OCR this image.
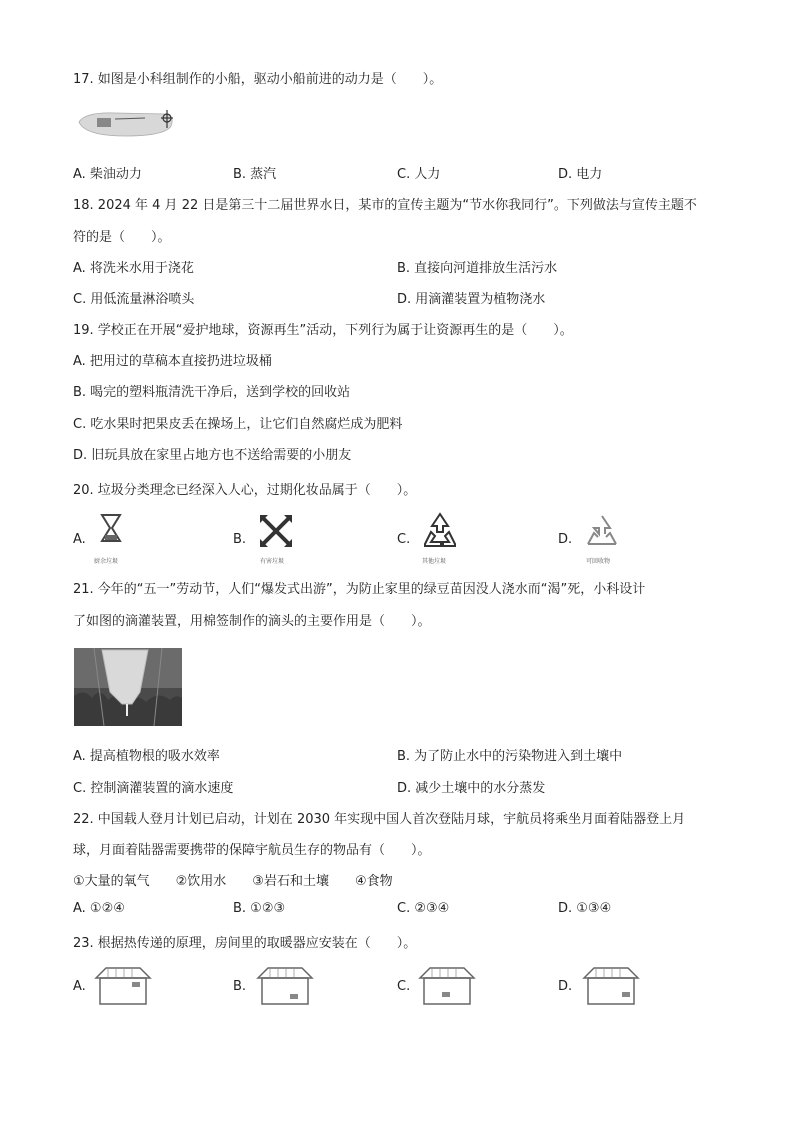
17. 如图是小科组制作的小船，驱动小船前进的动力是（　　）。
A. 柴油动力	B. 蒸汽	C. 人力	D. 电力
18. 2024 年 4 月 22 日是第三十二届世界水日，某市的宣传主题为“节水你我同行”。下列做法与宣传主题不
符的是（　　）。
A. 将洗米水用于浇花	B. 直接向河道排放生活污水
C. 用低流量淋浴喷头	D. 用滴灌装置为植物浇水
19. 学校正在开展“爱护地球，资源再生”活动，下列行为属于让资源再生的是（　　）。
A. 把用过的草稿本直接扔进垃圾桶
B. 喝完的塑料瓶清洗干净后，送到学校的回收站
C. 吃水果时把果皮丢在操场上，让它们自然腐烂成为肥料
D. 旧玩具放在家里占地方也不送给需要的小朋友
20. 垃圾分类理念已经深入人心，过期化妆品属于（　　）。
A.
厨余垃圾
B.
有害垃圾
C.
其他垃圾
D.
可回收物
21. 今年的“五一”劳动节，人们“爆发式出游”，为防止家里的绿豆苗因没人浇水而“渴”死，小科设计
了如图的滴灌装置，用棉签制作的滴头的主要作用是（　　）。
A. 提高植物根的吸水效率	B. 为了防止水中的污染物进入到土壤中
C. 控制滴灌装置的滴水速度	D. 减少土壤中的水分蒸发
22. 中国载人登月计划已启动，计划在 2030 年实现中国人首次登陆月球，宇航员将乘坐月面着陆器登上月
球，月面着陆器需要携带的保障宇航员生存的物品有（　　）。
①大量的氧气　　②饮用水　　③岩石和土壤　　④食物
A. ①②④	B. ①②③	C. ②③④	D. ①③④
23. 根据热传递的原理，房间里的取暖器应安装在（　　）。
A.	B.	C.	D.
